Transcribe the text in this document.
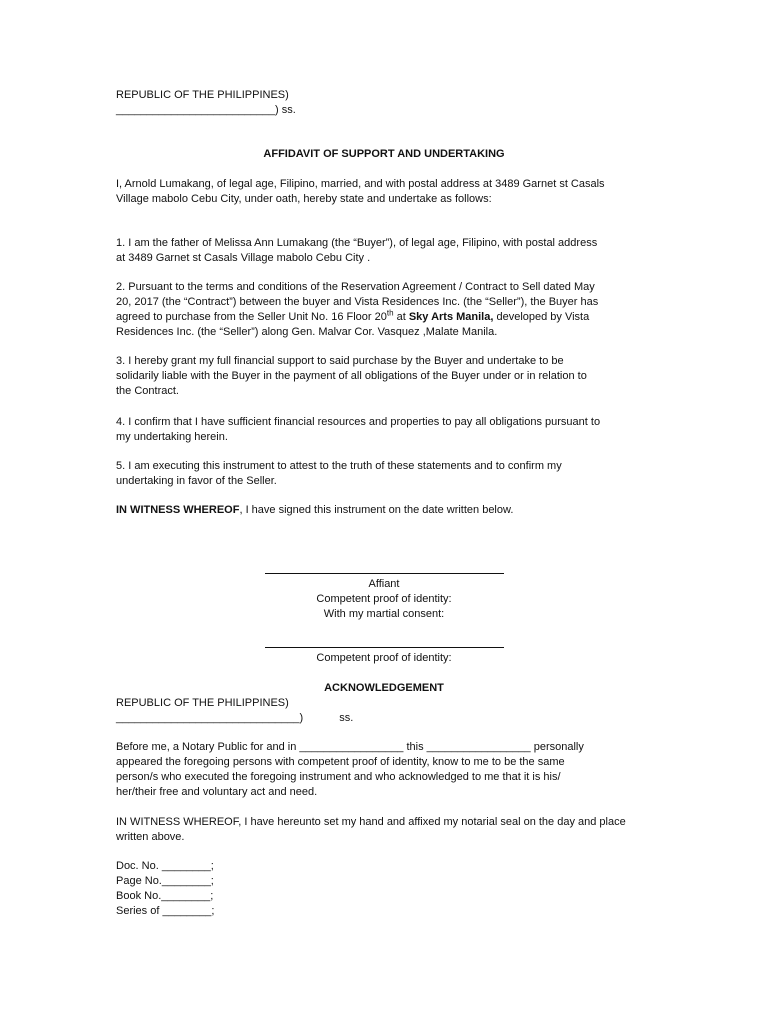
REPUBLIC OF THE PHILIPPINES)
__________________________) ss.
AFFIDAVIT OF SUPPORT AND UNDERTAKING
I, Arnold Lumakang, of legal age, Filipino, married, and with postal address at 3489 Garnet st Casals
Village mabolo Cebu City, under oath, hereby state and undertake as follows:
1. I am the father of Melissa Ann Lumakang (the “Buyer”), of legal age, Filipino, with postal address
at 3489 Garnet st Casals Village mabolo Cebu City .
2. Pursuant to the terms and conditions of the Reservation Agreement / Contract to Sell dated May
20, 2017 (the “Contract”) between the buyer and Vista Residences Inc. (the “Seller”), the Buyer has
agreed to purchase from the Seller Unit No. 16 Floor 20th at Sky Arts Manila, developed by Vista
Residences Inc. (the “Seller”) along Gen. Malvar Cor. Vasquez ,Malate Manila.
3. I hereby grant my full financial support to said purchase by the Buyer and undertake to be
solidarily liable with the Buyer in the payment of all obligations of the Buyer under or in relation to
the Contract.
4. I confirm that I have sufficient financial resources and properties to pay all obligations pursuant to
my undertaking herein.
5. I am executing this instrument to attest to the truth of these statements and to confirm my
undertaking in favor of the Seller.
IN WITNESS WHEREOF, I have signed this instrument on the date written below.
Affiant
Competent proof of identity:
With my martial consent:
Competent proof of identity:
ACKNOWLEDGEMENT
REPUBLIC OF THE PHILIPPINES)
______________________________)	ss.
Before me, a Notary Public for and in _________________ this _________________ personally
appeared the foregoing persons with competent proof of identity, know to me to be the same
person/s who executed the foregoing instrument and who acknowledged to me that it is his/
her/their free and voluntary act and need.
IN WITNESS WHEREOF, I have hereunto set my hand and affixed my notarial seal on the day and place
written above.
Doc. No. ________;
Page No.________;
Book No.________;
Series of ________;
